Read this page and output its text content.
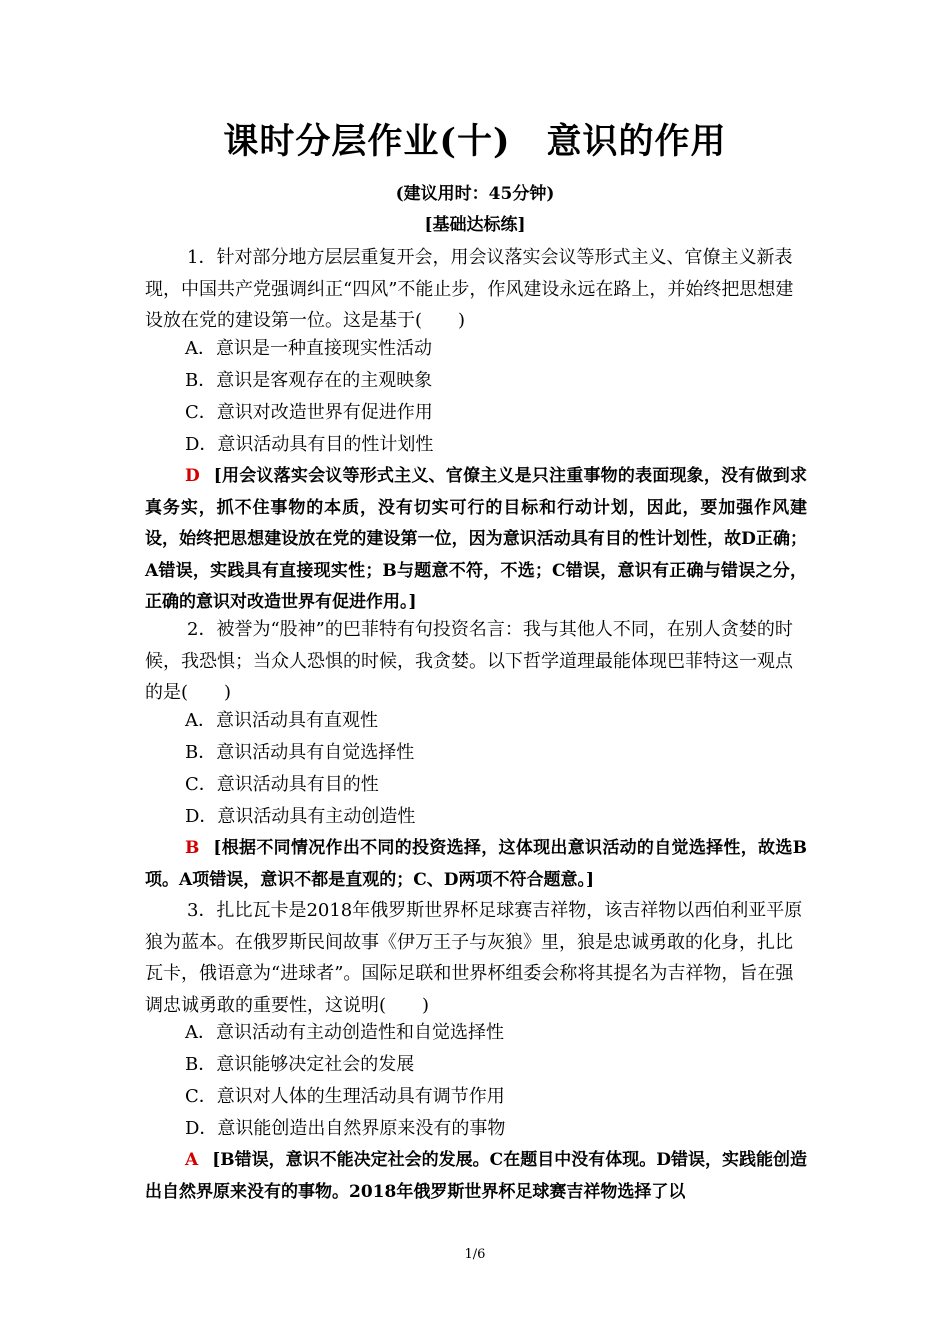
课时分层作业(十) 意识的作用
(建议用时：45分钟)
[基础达标练]

1．针对部分地方层层重复开会，用会议落实会议等形式主义、官僚主义新表现，中国共产党强调纠正“四风”不能止步，作风建设永远在路上，并始终把思想建设放在党的建设第一位。这是基于(　　)

A．意识是一种直接现实性活动
B．意识是客观存在的主观映象
C．意识对改造世界有促进作用
D．意识活动具有目的性计划性
D [用会议落实会议等形式主义、官僚主义是只注重事物的表面现象，没有做到求真务实，抓不住事物的本质，没有切实可行的目标和行动计划，因此，要加强作风建设，始终把思想建设放在党的建设第一位，因为意识活动具有目的性计划性，故D正确；A错误，实践具有直接现实性；B与题意不符，不选；C错误，意识有正确与错误之分，正确的意识对改造世界有促进作用。]

2．被誉为“股神”的巴菲特有句投资名言：我与其他人不同，在别人贪婪的时候，我恐惧；当众人恐惧的时候，我贪婪。以下哲学道理最能体现巴菲特这一观点的是(　　)

A．意识活动具有直观性
B．意识活动具有自觉选择性
C．意识活动具有目的性
D．意识活动具有主动创造性
B [根据不同情况作出不同的投资选择，这体现出意识活动的自觉选择性，故选B项。A项错误，意识不都是直观的；C、D两项不符合题意。]

3．扎比瓦卡是2018年俄罗斯世界杯足球赛吉祥物，该吉祥物以西伯利亚平原狼为蓝本。在俄罗斯民间故事《伊万王子与灰狼》里，狼是忠诚勇敢的化身，扎比瓦卡，俄语意为“进球者”。国际足联和世界杯组委会称将其提名为吉祥物，旨在强调忠诚勇敢的重要性，这说明(　　)

A．意识活动有主动创造性和自觉选择性
B．意识能够决定社会的发展
C．意识对人体的生理活动具有调节作用
D．意识能创造出自然界原来没有的事物
A [B错误，意识不能决定社会的发展。C在题目中没有体现。D错误，实践能创造出自然界原来没有的事物。2018年俄罗斯世界杯足球赛吉祥物选择了以
1/6
